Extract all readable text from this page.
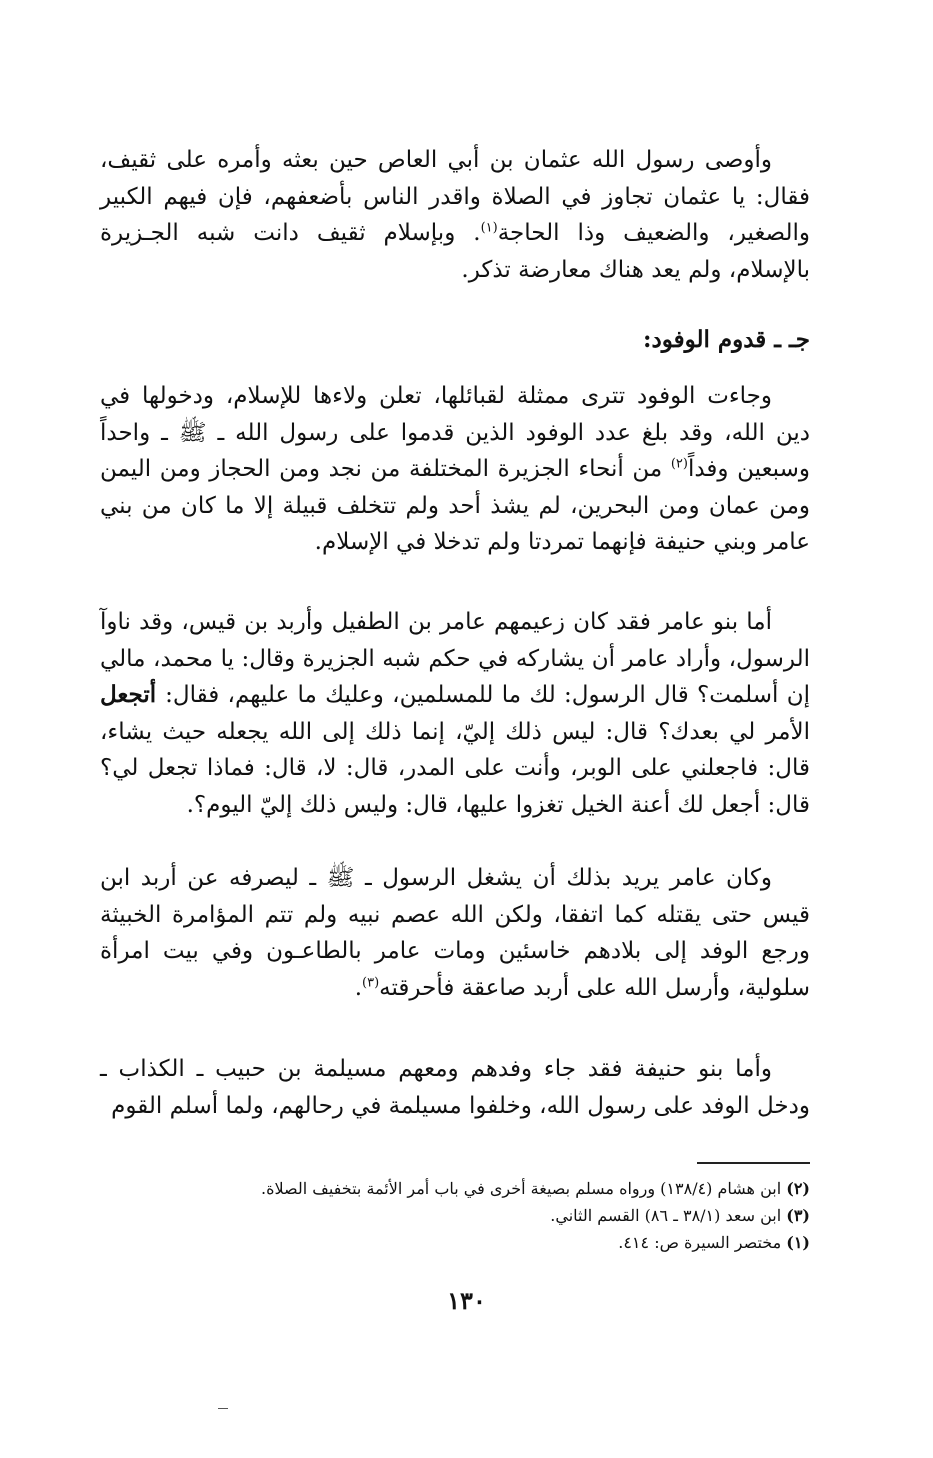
وأوصى رسول الله عثمان بن أبي العاص حين بعثه وأمره على ثقيف، فقال: يا عثمان تجاوز في الصلاة واقدر الناس بأضعفهم، فإن فيهم الكبير والصغير، والضعيف وذا الحاجة$^{(١)}$. وبإسلام ثقيف دانت شبه الجـزيرة بالإسلام، ولم يعد هناك معارضة تذكر.

جـ ـ قدوم الوفود:

وجاءت الوفود تترى ممثلة لقبائلها، تعلن ولاءها للإسلام، ودخولها في دين الله، وقد بلغ عدد الوفود الذين قدموا على رسول الله ـ ﷺ ـ واحداً وسبعين وفداً$^{(٢)}$ من أنحاء الجزيرة المختلفة من نجد ومن الحجاز ومن اليمن ومن عمان ومن البحرين، لم يشذ أحد ولم تتخلف قبيلة إلا ما كان من بني عامر وبني حنيفة فإنهما تمردتا ولم تدخلا في الإسلام.

أما بنو عامر فقد كان زعيمهم عامر بن الطفيل وأربد بن قيس، وقد ناوآ الرسول، وأراد عامر أن يشاركه في حكم شبه الجزيرة وقال: يا محمد، مالي إن أسلمت؟ قال الرسول: لك ما للمسلمين، وعليك ما عليهم، فقال: أتجعل الأمر لي بعدك؟ قال: ليس ذلك إليّ، إنما ذلك إلى الله يجعله حيث يشاء، قال: فاجعلني على الوبر، وأنت على المدر، قال: لا، قال: فماذا تجعل لي؟ قال: أجعل لك أعنة الخيل تغزوا عليها، قال: وليس ذلك إليّ اليوم؟.

وكان عامر يريد بذلك أن يشغل الرسول ـ ﷺ ـ ليصرفه عن أربد ابن قيس حتى يقتله كما اتفقا، ولكن الله عصم نبيه ولم تتم المؤامرة الخبيثة ورجع الوفد إلى بلادهم خاسئين ومات عامر بالطاعـون وفي بيت امرأة سلولية، وأرسل الله على أربد صاعقة فأحرقته$^{(٣)}$.

وأما بنو حنيفة فقد جاء وفدهم ومعهم مسيلمة بن حبيب ـ الكذاب ـ ودخل الوفد على رسول الله، وخلفوا مسيلمة في رحالهم، ولما أسلم القوم

(٢) ابن هشام (١٣٨/٤) ورواه مسلم بصيغة أخرى في باب أمر الأئمة بتخفيف الصلاة.

(٣) ابن سعد (٣٨/١ ـ ٨٦) القسم الثاني.

(١) مختصر السيرة ص: ٤١٤.

١٣٠
